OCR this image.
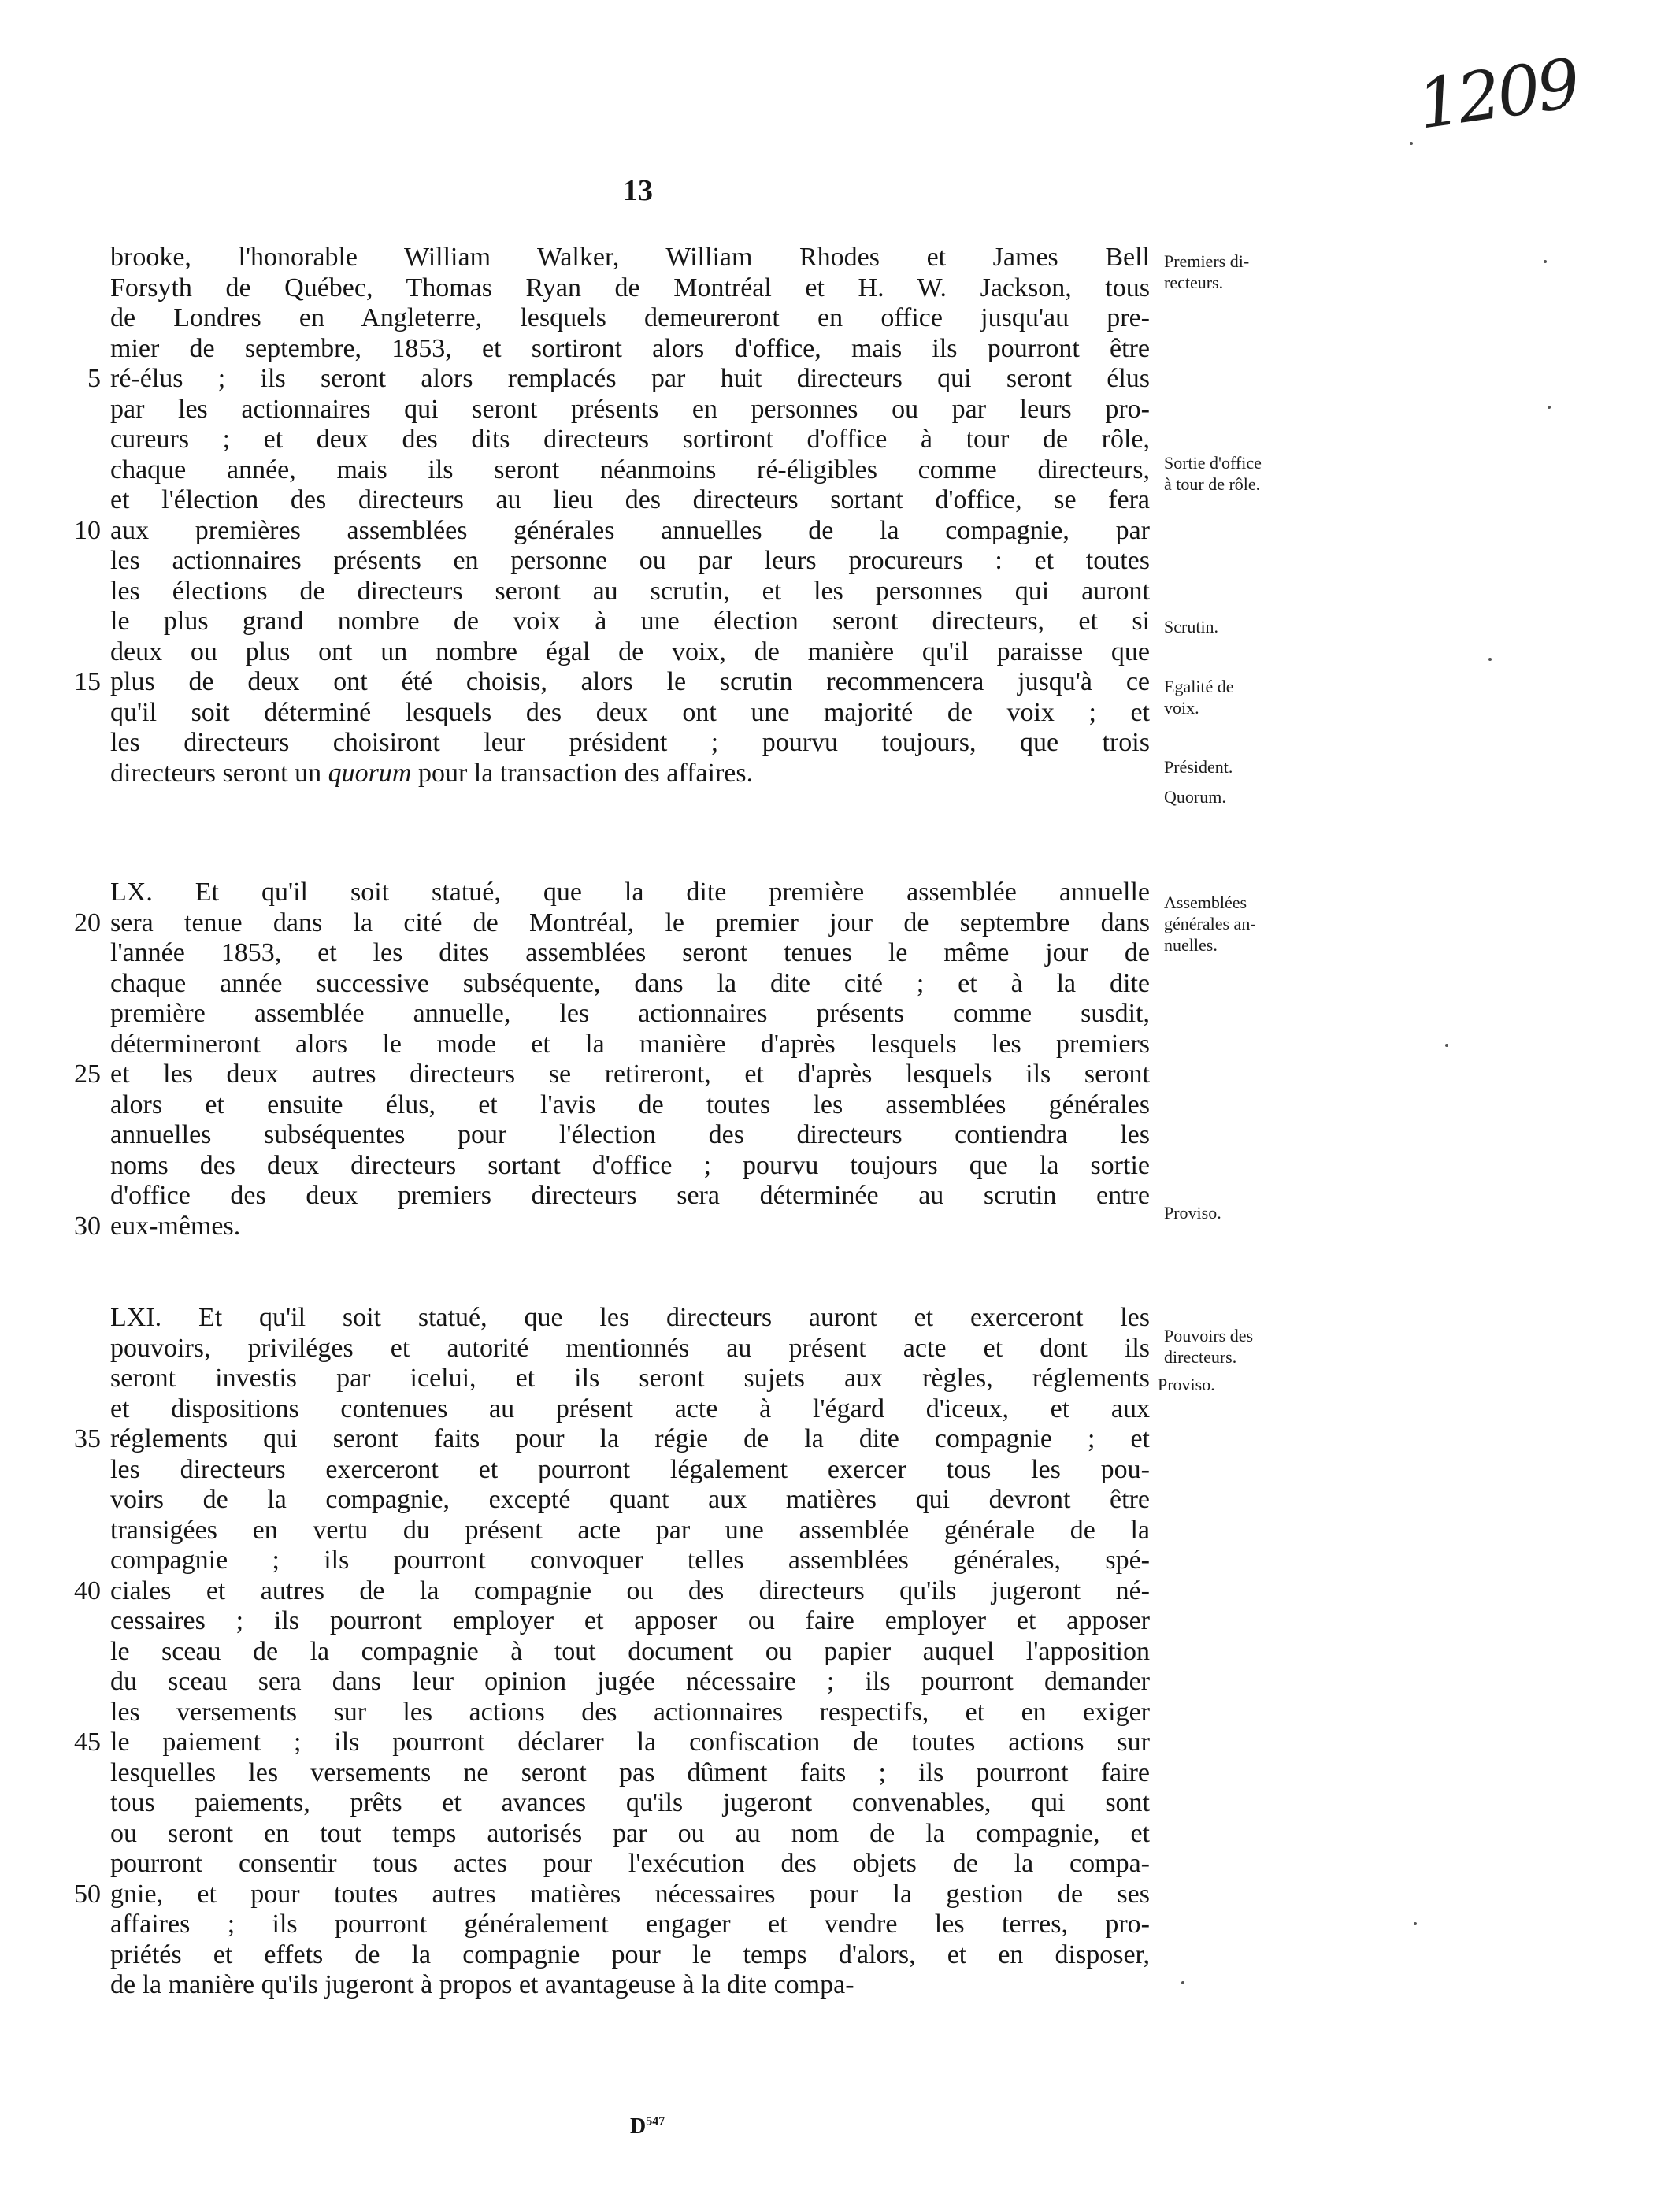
1209
13
brooke, l'honorable William Walker, William Rhodes et James Bell
Forsyth de Québec, Thomas Ryan de Montréal et H. W. Jackson, tous
de Londres en Angleterre, lesquels demeureront en office jusqu'au pre-
mier de septembre, 1853, et sortiront alors d'office, mais ils pourront être
5 ré-élus ; ils seront alors remplacés par huit directeurs qui seront élus
par les actionnaires qui seront présents en personnes ou par leurs pro-
cureurs ; et deux des dits directeurs sortiront d'office à tour de rôle,
chaque année, mais ils seront néanmoins ré-éligibles comme directeurs,
et l'élection des directeurs au lieu des directeurs sortant d'office, se fera
10 aux premières assemblées générales annuelles de la compagnie, par
les actionnaires présents en personne ou par leurs procureurs : et toutes
les élections de directeurs seront au scrutin, et les personnes qui auront
le plus grand nombre de voix à une élection seront directeurs, et si
deux ou plus ont un nombre égal de voix, de manière qu'il paraisse que
15 plus de deux ont été choisis, alors le scrutin recommencera jusqu'à ce
qu'il soit déterminé lesquels des deux ont une majorité de voix ; et
les directeurs choisiront leur président ; pourvu toujours, que trois
directeurs seront un quorum pour la transaction des affaires.
LX. Et qu'il soit statué, que la dite première assemblée annuelle
20 sera tenue dans la cité de Montréal, le premier jour de septembre dans
l'année 1853, et les dites assemblées seront tenues le même jour de
chaque année successive subséquente, dans la dite cité ; et à la dite
première assemblée annuelle, les actionnaires présents comme susdit,
détermineront alors le mode et la manière d'après lesquels les premiers
25 et les deux autres directeurs se retireront, et d'après lesquels ils seront
alors et ensuite élus, et l'avis de toutes les assemblées générales
annuelles subséquentes pour l'élection des directeurs contiendra les
noms des deux directeurs sortant d'office ; pourvu toujours que la sortie
d'office des deux premiers directeurs sera déterminée au scrutin entre
30 eux-mêmes.
LXI. Et qu'il soit statué, que les directeurs auront et exerceront les
pouvoirs, priviléges et autorité mentionnés au présent acte et dont ils
seront investis par icelui, et ils seront sujets aux règles, réglements
et dispositions contenues au présent acte à l'égard d'iceux, et aux
35 réglements qui seront faits pour la régie de la dite compagnie ; et
les directeurs exerceront et pourront légalement exercer tous les pou-
voirs de la compagnie, excepté quant aux matières qui devront être
transigées en vertu du présent acte par une assemblée générale de la
compagnie ; ils pourront convoquer telles assemblées générales, spé-
40 ciales et autres de la compagnie ou des directeurs qu'ils jugeront né-
cessaires ; ils pourront employer et apposer ou faire employer et apposer
le sceau de la compagnie à tout document ou papier auquel l'apposition
du sceau sera dans leur opinion jugée nécessaire ; ils pourront demander
les versements sur les actions des actionnaires respectifs, et en exiger
45 le paiement ; ils pourront déclarer la confiscation de toutes actions sur
lesquelles les versements ne seront pas dûment faits ; ils pourront faire
tous paiements, prêts et avances qu'ils jugeront convenables, qui sont
ou seront en tout temps autorisés par ou au nom de la compagnie, et
pourront consentir tous actes pour l'exécution des objets de la compa-
50 gnie, et pour toutes autres matières nécessaires pour la gestion de ses
affaires ; ils pourront généralement engager et vendre les terres, pro-
priétés et effets de la compagnie pour le temps d'alors, et en disposer,
de la manière qu'ils jugeront à propos et avantageuse à la dite compa-
Premiers di-
recteurs.
Sortie d'office
à tour de rôle.
Scrutin.
Egalité de
voix.
Président.
Quorum.
Assemblées
générales an-
nuelles.
Proviso.
Pouvoirs des
directeurs.
Proviso.
$D^{547}$
